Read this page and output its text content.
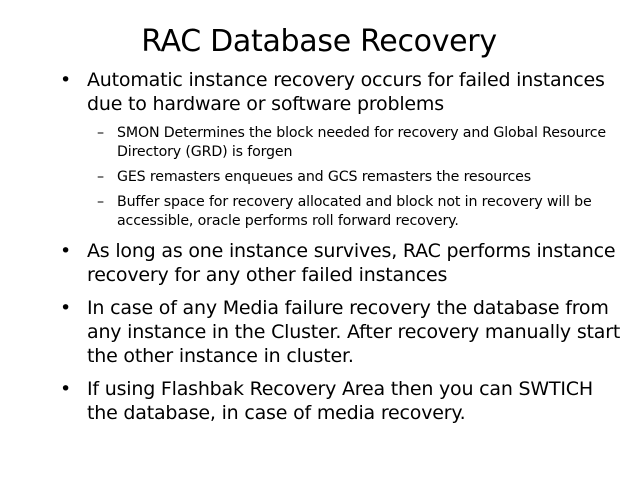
RAC Database Recovery
• Automatic instance recovery occurs for failed instances due to hardware or software problems
– SMON Determines the block needed for recovery and Global Resource Directory (GRD) is forgen
– GES remasters enqueues and GCS remasters the resources
– Buffer space for recovery allocated and block not in recovery will be accessible, oracle performs roll forward recovery.
• As long as one instance survives, RAC performs instance recovery for any other failed instances
• In case of any Media failure recovery the database from any instance in the Cluster. After recovery manually start the other instance in cluster.
• If using Flashbak Recovery Area then you can SWTICH the database, in case of media recovery.
